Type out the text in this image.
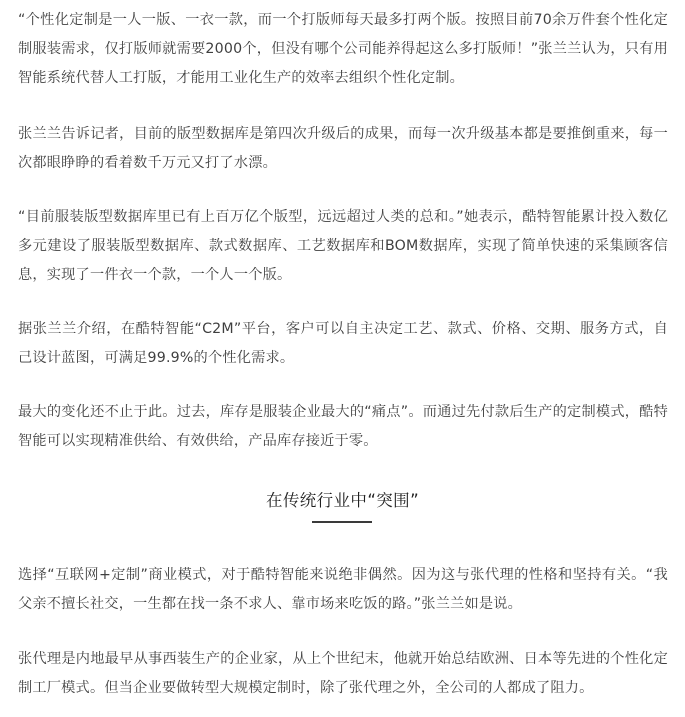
“个性化定制是一人一版、一衣一款，而一个打版师每天最多打两个版。按照目前70余万件套个性化定制服装需求，仅打版师就需要2000个，但没有哪个公司能养得起这么多打版师！”张兰兰认为，只有用智能系统代替人工打版，才能用工业化生产的效率去组织个性化定制。

张兰兰告诉记者，目前的版型数据库是第四次升级后的成果，而每一次升级基本都是要推倒重来，每一次都眼睁睁的看着数千万元又打了水漂。

“目前服装版型数据库里已有上百万亿个版型，远远超过人类的总和。”她表示，酷特智能累计投入数亿多元建设了服装版型数据库、款式数据库、工艺数据库和BOM数据库，实现了简单快速的采集顾客信息，实现了一件衣一个款，一个人一个版。

据张兰兰介绍，在酷特智能“C2M”平台，客户可以自主决定工艺、款式、价格、交期、服务方式，自己设计蓝图，可满足99.9%的个性化需求。

最大的变化还不止于此。过去，库存是服装企业最大的“痛点”。而通过先付款后生产的定制模式，酷特智能可以实现精准供给、有效供给，产品库存接近于零。

在传统行业中“突围”

选择“互联网+定制”商业模式，对于酷特智能来说绝非偶然。因为这与张代理的性格和坚持有关。“我父亲不擅长社交，一生都在找一条不求人、靠市场来吃饭的路。”张兰兰如是说。

张代理是内地最早从事西装生产的企业家，从上个世纪末，他就开始总结欧洲、日本等先进的个性化定制工厂模式。但当企业要做转型大规模定制时，除了张代理之外，全公司的人都成了阻力。
